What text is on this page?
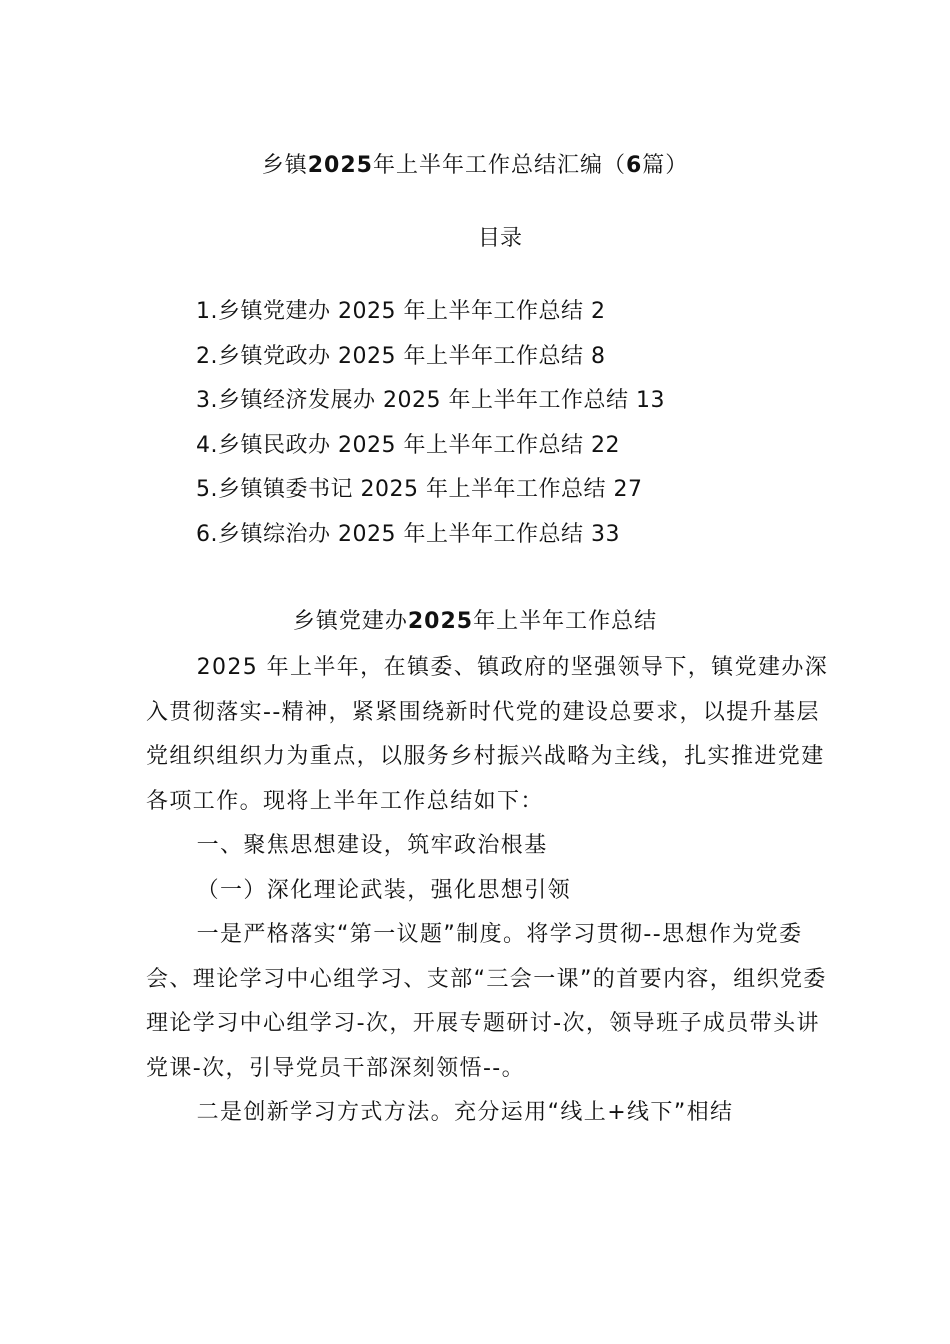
乡镇2025年上半年工作总结汇编（6篇）
目录
1.乡镇党建办 2025 年上半年工作总结 2
2.乡镇党政办 2025 年上半年工作总结 8
3.乡镇经济发展办 2025 年上半年工作总结 13
4.乡镇民政办 2025 年上半年工作总结 22
5.乡镇镇委书记 2025 年上半年工作总结 27
6.乡镇综治办 2025 年上半年工作总结 33
乡镇党建办2025年上半年工作总结

2025 年上半年，在镇委、镇政府的坚强领导下，镇党建办深入贯彻落实--精神，紧紧围绕新时代党的建设总要求，以提升基层党组织组织力为重点，以服务乡村振兴战略为主线，扎实推进党建各项工作。现将上半年工作总结如下：

一、聚焦思想建设，筑牢政治根基

（一）深化理论武装，强化思想引领

一是严格落实“第一议题”制度。将学习贯彻--思想作为党委会、理论学习中心组学习、支部“三会一课”的首要内容，组织党委理论学习中心组学习-次，开展专题研讨-次，领导班子成员带头讲党课-次，引导党员干部深刻领悟--。

二是创新学习方式方法。充分运用“线上+线下”相结
